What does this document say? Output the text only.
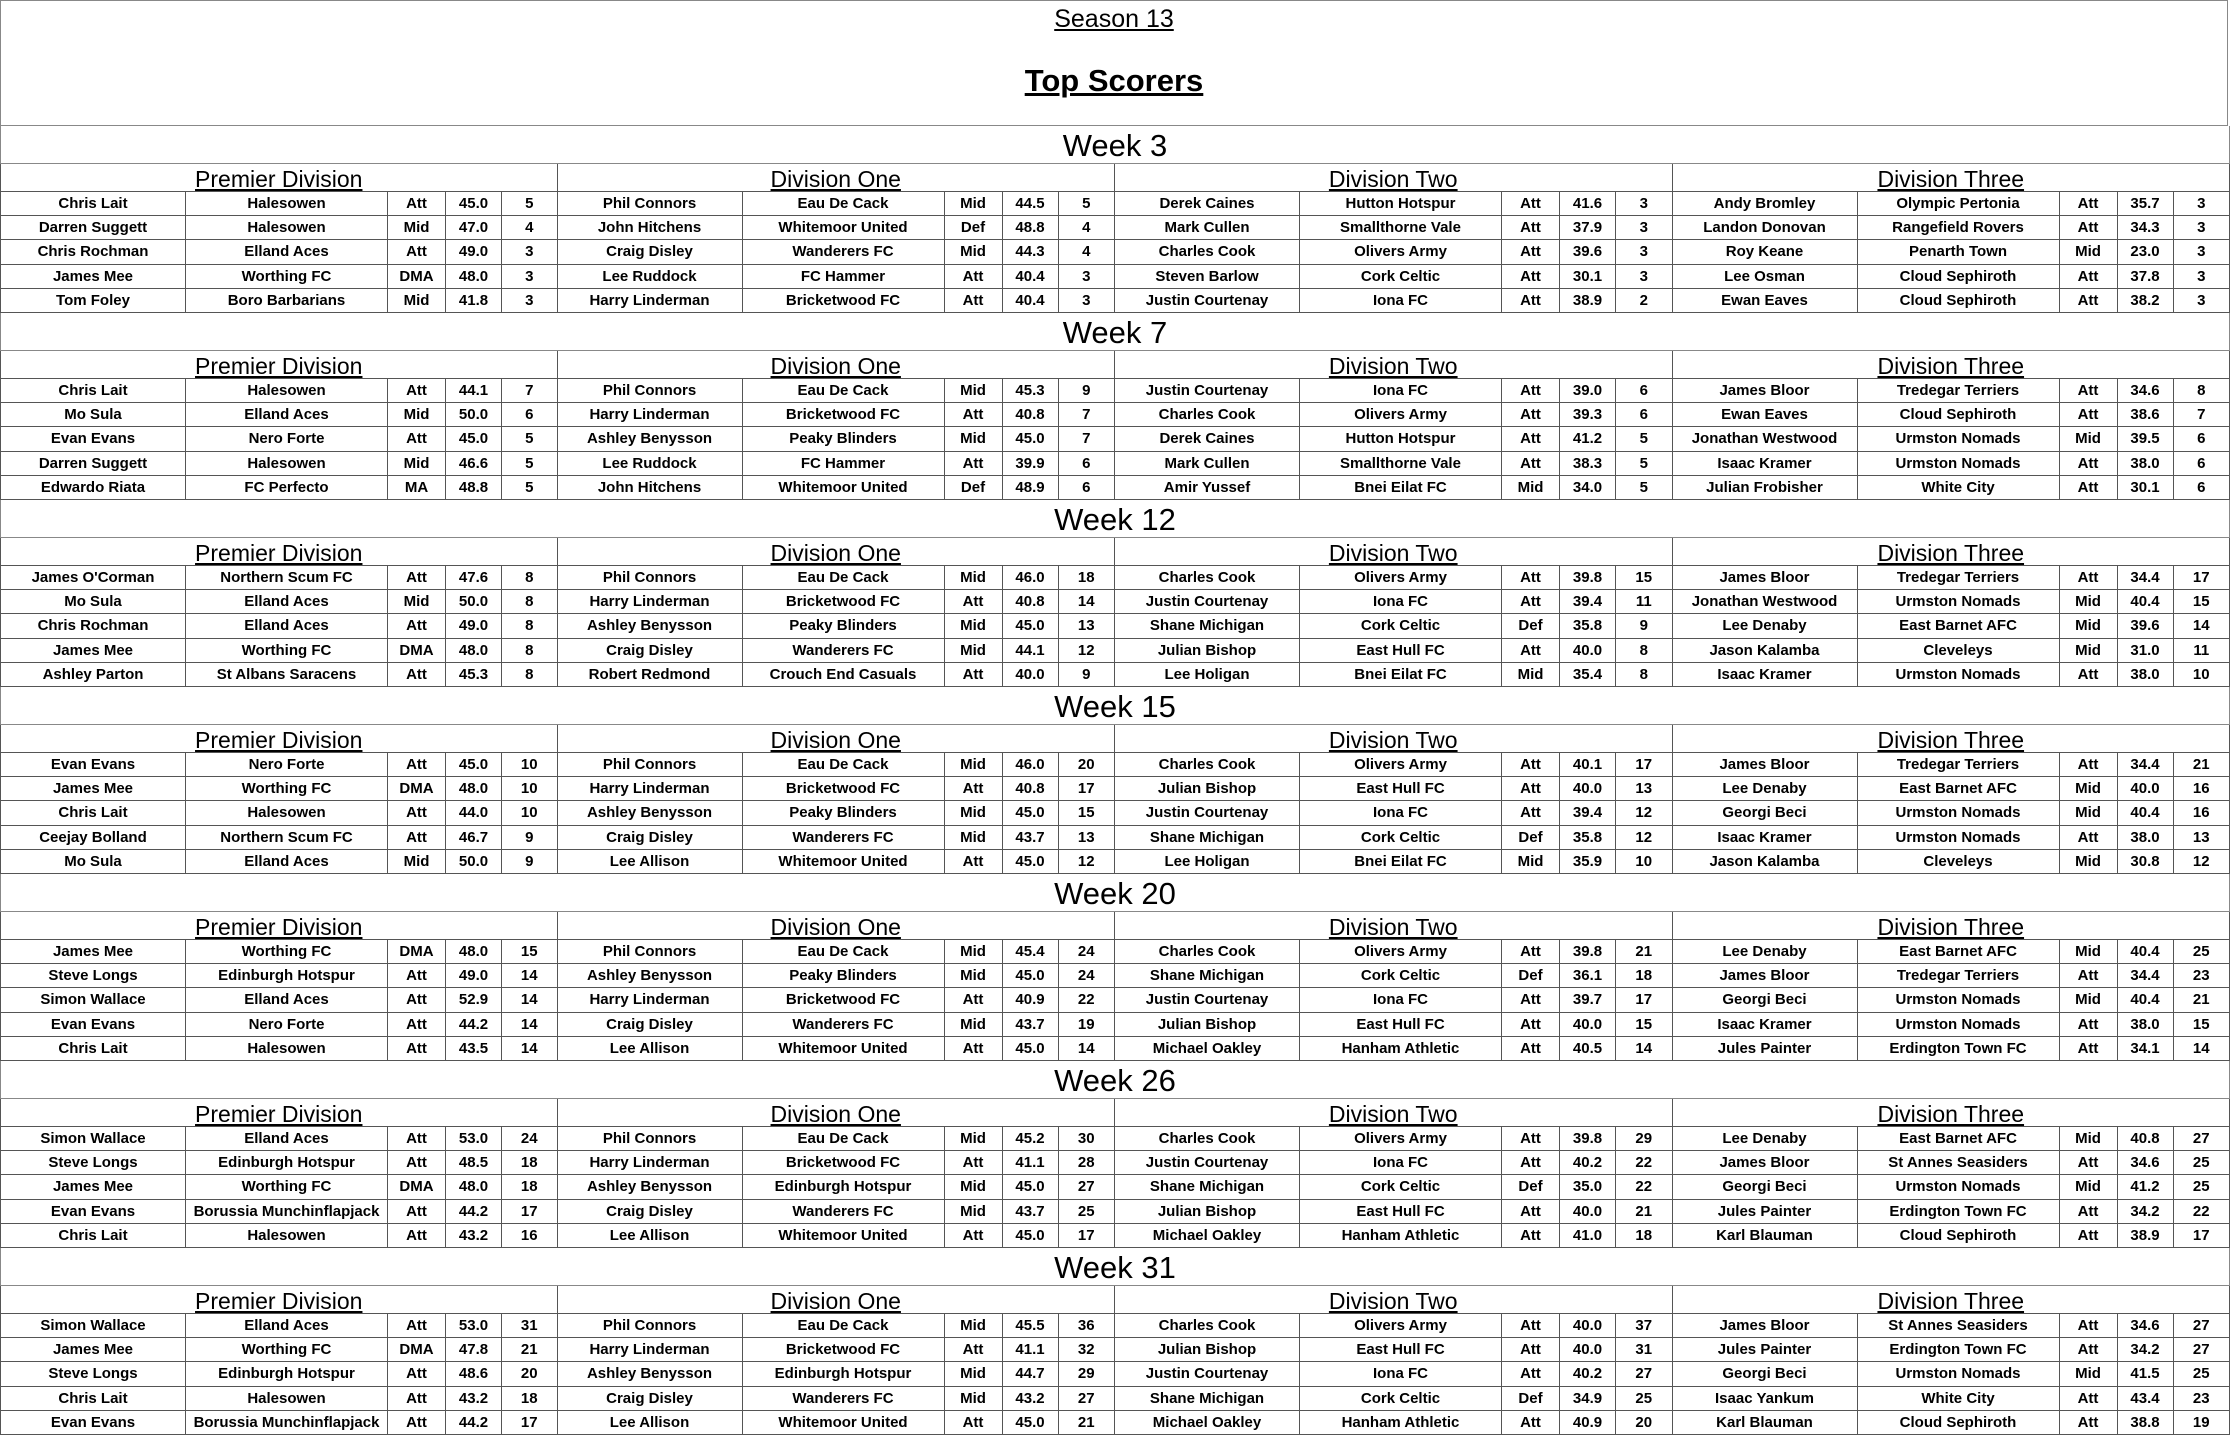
Season 13
Top Scorers
Week 3
Premier Division
Chris Lait	Halesowen	Att	45.0	5
Darren Suggett	Halesowen	Mid	47.0	4
Chris Rochman	Elland Aces	Att	49.0	3
James Mee	Worthing FC	DMA	48.0	3
Tom Foley	Boro Barbarians	Mid	41.8	3
Division One
Phil Connors	Eau De Cack	Mid	44.5	5
John Hitchens	Whitemoor United	Def	48.8	4
Craig Disley	Wanderers FC	Mid	44.3	4
Lee Ruddock	FC Hammer	Att	40.4	3
Harry Linderman	Bricketwood FC	Att	40.4	3
Division Two
Derek Caines	Hutton Hotspur	Att	41.6	3
Mark Cullen	Smallthorne Vale	Att	37.9	3
Charles Cook	Olivers Army	Att	39.6	3
Steven Barlow	Cork Celtic	Att	30.1	3
Justin Courtenay	Iona FC	Att	38.9	2
Division Three
Andy Bromley	Olympic Pertonia	Att	35.7	3
Landon Donovan	Rangefield Rovers	Att	34.3	3
Roy Keane	Penarth Town	Mid	23.0	3
Lee Osman	Cloud Sephiroth	Att	37.8	3
Ewan Eaves	Cloud Sephiroth	Att	38.2	3
Week 7
Premier Division
Chris Lait	Halesowen	Att	44.1	7
Mo Sula	Elland Aces	Mid	50.0	6
Evan Evans	Nero Forte	Att	45.0	5
Darren Suggett	Halesowen	Mid	46.6	5
Edwardo Riata	FC Perfecto	MA	48.8	5
Division One
Phil Connors	Eau De Cack	Mid	45.3	9
Harry Linderman	Bricketwood FC	Att	40.8	7
Ashley Benysson	Peaky Blinders	Mid	45.0	7
Lee Ruddock	FC Hammer	Att	39.9	6
John Hitchens	Whitemoor United	Def	48.9	6
Division Two
Justin Courtenay	Iona FC	Att	39.0	6
Charles Cook	Olivers Army	Att	39.3	6
Derek Caines	Hutton Hotspur	Att	41.2	5
Mark Cullen	Smallthorne Vale	Att	38.3	5
Amir Yussef	Bnei Eilat FC	Mid	34.0	5
Division Three
James Bloor	Tredegar Terriers	Att	34.6	8
Ewan Eaves	Cloud Sephiroth	Att	38.6	7
Jonathan Westwood	Urmston Nomads	Mid	39.5	6
Isaac Kramer	Urmston Nomads	Att	38.0	6
Julian Frobisher	White City	Att	30.1	6
Week 12
Premier Division
James O'Corman	Northern Scum FC	Att	47.6	8
Mo Sula	Elland Aces	Mid	50.0	8
Chris Rochman	Elland Aces	Att	49.0	8
James Mee	Worthing FC	DMA	48.0	8
Ashley Parton	St Albans Saracens	Att	45.3	8
Division One
Phil Connors	Eau De Cack	Mid	46.0	18
Harry Linderman	Bricketwood FC	Att	40.8	14
Ashley Benysson	Peaky Blinders	Mid	45.0	13
Craig Disley	Wanderers FC	Mid	44.1	12
Robert Redmond	Crouch End Casuals	Att	40.0	9
Division Two
Charles Cook	Olivers Army	Att	39.8	15
Justin Courtenay	Iona FC	Att	39.4	11
Shane Michigan	Cork Celtic	Def	35.8	9
Julian Bishop	East Hull FC	Att	40.0	8
Lee Holigan	Bnei Eilat FC	Mid	35.4	8
Division Three
James Bloor	Tredegar Terriers	Att	34.4	17
Jonathan Westwood	Urmston Nomads	Mid	40.4	15
Lee Denaby	East Barnet AFC	Mid	39.6	14
Jason Kalamba	Cleveleys	Mid	31.0	11
Isaac Kramer	Urmston Nomads	Att	38.0	10
Week 15
Premier Division
Evan Evans	Nero Forte	Att	45.0	10
James Mee	Worthing FC	DMA	48.0	10
Chris Lait	Halesowen	Att	44.0	10
Ceejay Bolland	Northern Scum FC	Att	46.7	9
Mo Sula	Elland Aces	Mid	50.0	9
Division One
Phil Connors	Eau De Cack	Mid	46.0	20
Harry Linderman	Bricketwood FC	Att	40.8	17
Ashley Benysson	Peaky Blinders	Mid	45.0	15
Craig Disley	Wanderers FC	Mid	43.7	13
Lee Allison	Whitemoor United	Att	45.0	12
Division Two
Charles Cook	Olivers Army	Att	40.1	17
Julian Bishop	East Hull FC	Att	40.0	13
Justin Courtenay	Iona FC	Att	39.4	12
Shane Michigan	Cork Celtic	Def	35.8	12
Lee Holigan	Bnei Eilat FC	Mid	35.9	10
Division Three
James Bloor	Tredegar Terriers	Att	34.4	21
Lee Denaby	East Barnet AFC	Mid	40.0	16
Georgi Beci	Urmston Nomads	Mid	40.4	16
Isaac Kramer	Urmston Nomads	Att	38.0	13
Jason Kalamba	Cleveleys	Mid	30.8	12
Week 20
Premier Division
James Mee	Worthing FC	DMA	48.0	15
Steve Longs	Edinburgh Hotspur	Att	49.0	14
Simon Wallace	Elland Aces	Att	52.9	14
Evan Evans	Nero Forte	Att	44.2	14
Chris Lait	Halesowen	Att	43.5	14
Division One
Phil Connors	Eau De Cack	Mid	45.4	24
Ashley Benysson	Peaky Blinders	Mid	45.0	24
Harry Linderman	Bricketwood FC	Att	40.9	22
Craig Disley	Wanderers FC	Mid	43.7	19
Lee Allison	Whitemoor United	Att	45.0	14
Division Two
Charles Cook	Olivers Army	Att	39.8	21
Shane Michigan	Cork Celtic	Def	36.1	18
Justin Courtenay	Iona FC	Att	39.7	17
Julian Bishop	East Hull FC	Att	40.0	15
Michael Oakley	Hanham Athletic	Att	40.5	14
Division Three
Lee Denaby	East Barnet AFC	Mid	40.4	25
James Bloor	Tredegar Terriers	Att	34.4	23
Georgi Beci	Urmston Nomads	Mid	40.4	21
Isaac Kramer	Urmston Nomads	Att	38.0	15
Jules Painter	Erdington Town FC	Att	34.1	14
Week 26
Premier Division
Simon Wallace	Elland Aces	Att	53.0	24
Steve Longs	Edinburgh Hotspur	Att	48.5	18
James Mee	Worthing FC	DMA	48.0	18
Evan Evans	Borussia Munchinflapjack	Att	44.2	17
Chris Lait	Halesowen	Att	43.2	16
Division One
Phil Connors	Eau De Cack	Mid	45.2	30
Harry Linderman	Bricketwood FC	Att	41.1	28
Ashley Benysson	Edinburgh Hotspur	Mid	45.0	27
Craig Disley	Wanderers FC	Mid	43.7	25
Lee Allison	Whitemoor United	Att	45.0	17
Division Two
Charles Cook	Olivers Army	Att	39.8	29
Justin Courtenay	Iona FC	Att	40.2	22
Shane Michigan	Cork Celtic	Def	35.0	22
Julian Bishop	East Hull FC	Att	40.0	21
Michael Oakley	Hanham Athletic	Att	41.0	18
Division Three
Lee Denaby	East Barnet AFC	Mid	40.8	27
James Bloor	St Annes Seasiders	Att	34.6	25
Georgi Beci	Urmston Nomads	Mid	41.2	25
Jules Painter	Erdington Town FC	Att	34.2	22
Karl Blauman	Cloud Sephiroth	Att	38.9	17
Week 31
Premier Division
Simon Wallace	Elland Aces	Att	53.0	31
James Mee	Worthing FC	DMA	47.8	21
Steve Longs	Edinburgh Hotspur	Att	48.6	20
Chris Lait	Halesowen	Att	43.2	18
Evan Evans	Borussia Munchinflapjack	Att	44.2	17
Division One
Phil Connors	Eau De Cack	Mid	45.5	36
Harry Linderman	Bricketwood FC	Att	41.1	32
Ashley Benysson	Edinburgh Hotspur	Mid	44.7	29
Craig Disley	Wanderers FC	Mid	43.2	27
Lee Allison	Whitemoor United	Att	45.0	21
Division Two
Charles Cook	Olivers Army	Att	40.0	37
Julian Bishop	East Hull FC	Att	40.0	31
Justin Courtenay	Iona FC	Att	40.2	27
Shane Michigan	Cork Celtic	Def	34.9	25
Michael Oakley	Hanham Athletic	Att	40.9	20
Division Three
James Bloor	St Annes Seasiders	Att	34.6	27
Jules Painter	Erdington Town FC	Att	34.2	27
Georgi Beci	Urmston Nomads	Mid	41.5	25
Isaac Yankum	White City	Att	43.4	23
Karl Blauman	Cloud Sephiroth	Att	38.8	19
